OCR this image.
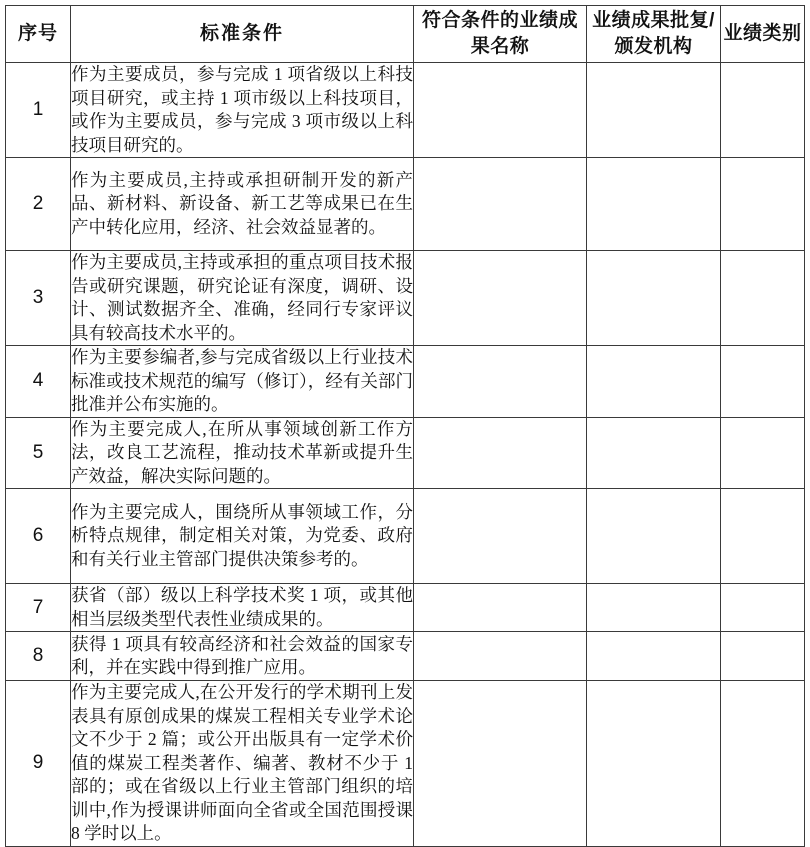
序号	标准条件	符合条件的业绩成果名称	业绩成果批复/颁发机构	业绩类别
1	作为主要成员，参与完成 1 项省级以上科技项目研究，或主持 1 项市级以上科技项目，或作为主要成员，参与完成 3 项市级以上科技项目研究的。			
2	作为主要成员,主持或承担研制开发的新产品、新材料、新设备、新工艺等成果已在生产中转化应用，经济、社会效益显著的。			
3	作为主要成员,主持或承担的重点项目技术报告或研究课题，研究论证有深度，调研、设计、测试数据齐全、准确，经同行专家评议具有较高技术水平的。			
4	作为主要参编者,参与完成省级以上行业技术标准或技术规范的编写（修订），经有关部门批准并公布实施的。			
5	作为主要完成人,在所从事领域创新工作方法，改良工艺流程，推动技术革新或提升生产效益，解决实际问题的。			
6	作为主要完成人，围绕所从事领域工作，分析特点规律，制定相关对策，为党委、政府和有关行业主管部门提供决策参考的。			
7	获省（部）级以上科学技术奖 1 项，或其他相当层级类型代表性业绩成果的。			
8	获得 1 项具有较高经济和社会效益的国家专利，并在实践中得到推广应用。			
9	作为主要完成人,在公开发行的学术期刊上发表具有原创成果的煤炭工程相关专业学术论文不少于 2 篇；或公开出版具有一定学术价值的煤炭工程类著作、编著、教材不少于 1 部的；或在省级以上行业主管部门组织的培训中,作为授课讲师面向全省或全国范围授课 8 学时以上。			
